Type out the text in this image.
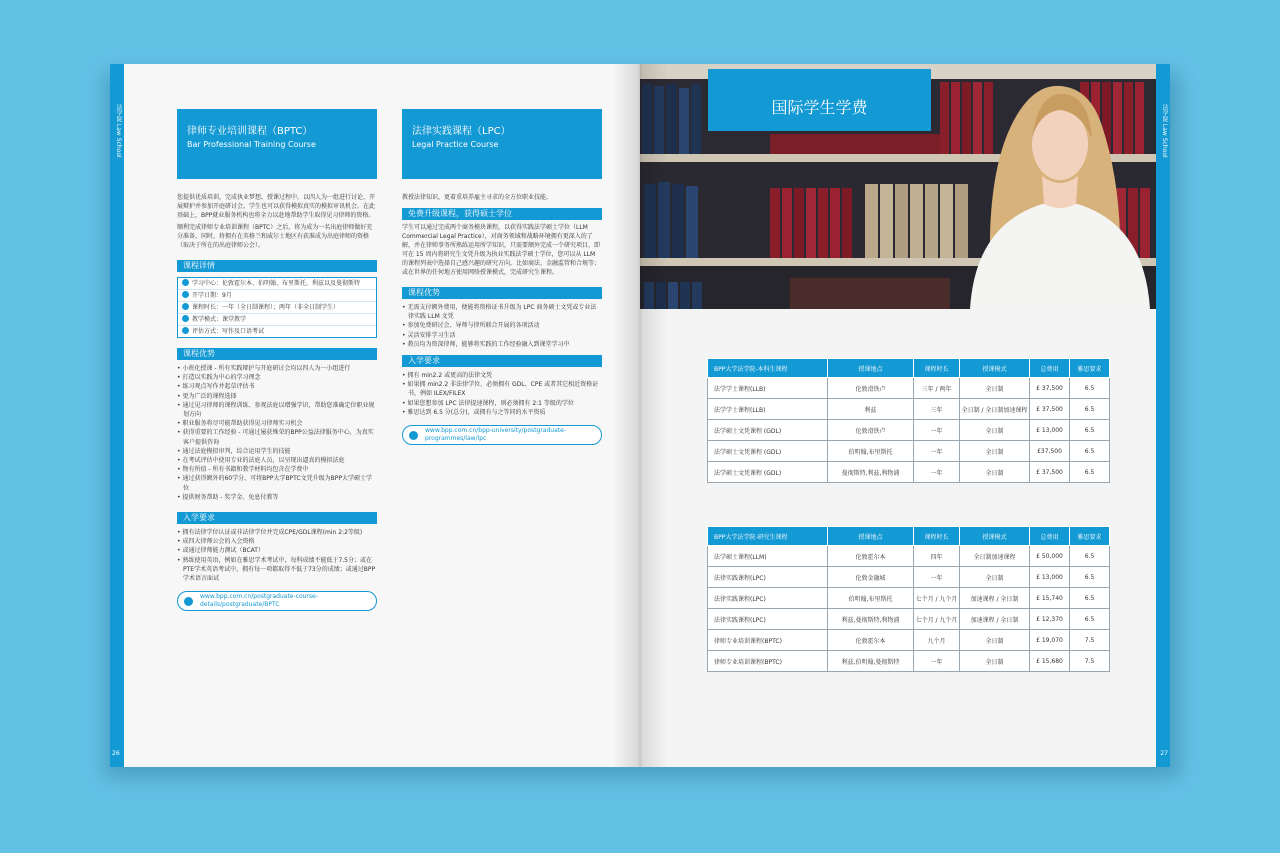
法学院 Law School
26
律师专业培训课程（BPTC）
Bar Professional Training Course

您提供优质培训，完成执业梦想。授课过程中，以四人为一组进行讨论、开展辩护并参加开庭研讨会。学生也可以获得模拟真实的模拟审讯机会。在此基础上，BPP就业服务机构也将全力以赴地帮助学生取得见习律师的资格。

顺利完成律师专业培训课程（BPTC）之后，将为成为一名出庭律师做好充分准备。同时，将拥有在英格兰和威尔士地区有获准成为出庭律师的资格（取决于所在的出庭律师公会）。

课程详情
学习中心：伦敦霍尔本、伯明翰、布里斯托、利兹以及曼彻斯特
开学日期：9月
课程时长：一年（全日制课程）；两年（非全日制学生）
教学模式：课堂教学
评估方式：写作及口语考试
课程优势
• 小班化授课 - 所有实践辩护与开庭研讨会均以四人为一小组进行
• 打造以实践为中心的学习理念
• 练习观点写作并起草评估书
• 更为广泛的课程选择
• 通过见习律师的课程训练、参观法庭以增强学识，帮助您准确定位职业规划方向
• 职业服务将尽可能帮助获得见习律师实习机会
• 获得重要的工作经验 - 可通过屡获殊荣的BPP公益法律服务中心，为真实客户提供咨询
• 通过法庭模拟审判，综合运用学生的技能
• 在考试评估中使用专业的法庭人员，以呈现出逼真的模拟法庭
• 物有所值 - 所有书籍和教学材料均包含在学费中
• 通过获得额外的60学分，可将BPP大学BPTC文凭升级为BPP大学硕士学位
• 提供财务帮助 - 奖学金、免息付教等
入学要求
• 拥有法律学位认证或非法律学位并完成CPE/GDL课程(min 2:2等级)
• 成四大律师公会的入会资格
• 或通过律师能力测试（BCAT）
• 熟练使用英语，例如在雅思学术考试中，每科成绩不能低于7.5分；或在PTE学术英语考试中，拥有每一项都取得不低于73分的成绩；或通过BPP学术语言面试
www.bpp.com.cn/postgraduate-course-details/postgraduate/BPTC
法律实践课程（LPC）
Legal Practice Course

教授法律知识，更着重培养雇主寻求的全方位职业技能。

免费升级课程，获得硕士学位

学生可以通过完成两个商务模块课程，以获得实践法学硕士学位（LLM Commercial Legal Practice），对商务领域和战略环境拥有更深入的了解，并在律师事务所熟练运用所学知识，只需要额外完成一个研究项目，即可在 15 周内将研究生文凭升级为执业实践法学硕士学位，您可以从 LLM 的课程列表中选择自己感兴趣的研究方向，比如商法、金融监管和合规等；或在世界的任何地方使用网络授课模式，完成研究生课程。

课程优势
• 无需支付额外费用，便能将资格证书升级为 LPC 商务硕士文凭或专业法律实践 LLM 文凭
• 参加免费研讨会、导师与律所联合开展的各项活动
• 灵活安排学习生活
• 教员均为资深律师，能够将实践的工作经验融入到课堂学习中
入学要求
• 拥有 min2.2 或更高的法律文凭
• 如果拥 min2.2 非法律学位，必须拥有 GDL、CPE 或者其它相近资格证书，例如 ILEX/FILEX
• 如果您想参加 LPC 法律提速课程，则必须拥有 2:1 等级的学位
• 雅思达到 6.5 分(总分)，或拥有与之等同的水平资质
www.bpp.com.cn/bpp-university/postgraduate-programmes/law/lpc
法学院 Law School
27
国际学生学费
BPP大学法学院-本科生课程	授课地点	课程时长	授课模式	总费用	雅思要求
法学学士课程(LLB)	伦敦滑铁卢	三年 / 两年	全日制	£ 37,500	6.5
法学学士课程(LLB)	利兹	三年	全日制 / 全日制加速课程	£ 37,500	6.5
法学硕士文凭课程 (GDL)	伦敦滑铁卢	一年	全日制	£ 13,000	6.5
法学硕士文凭课程 (GDL)	伯明翰,布里斯托	一年	全日制	£37,500	6.5
法学硕士文凭课程 (GDL)	曼彻斯特,利兹,利物浦	一年	全日制	£ 37,500	6.5
BPP大学法学院-研究生课程	授课地点	课程时长	授课模式	总费用	雅思要求
法学硕士课程(LLM)	伦敦霍尔本	四年	全日制加速课程	£ 50,000	6.5
法律实践课程(LPC)	伦敦金融城	一年	全日制	£ 13,000	6.5
法律实践课程(LPC)	伯明翰,布里斯托	七个月 / 九个月	加速课程 / 全日制	£ 15,740	6.5
法律实践课程(LPC)	利兹,曼彻斯特,利物浦	七个月 / 九个月	加速课程 / 全日制	£ 12,370	6.5
律师专业培训课程(BPTC)	伦敦霍尔本	九个月	全日制	£ 19,070	7.5
律师专业培训课程(BPTC)	利兹,伯明翰,曼彻斯特	一年	全日制	£ 15,680	7.5
